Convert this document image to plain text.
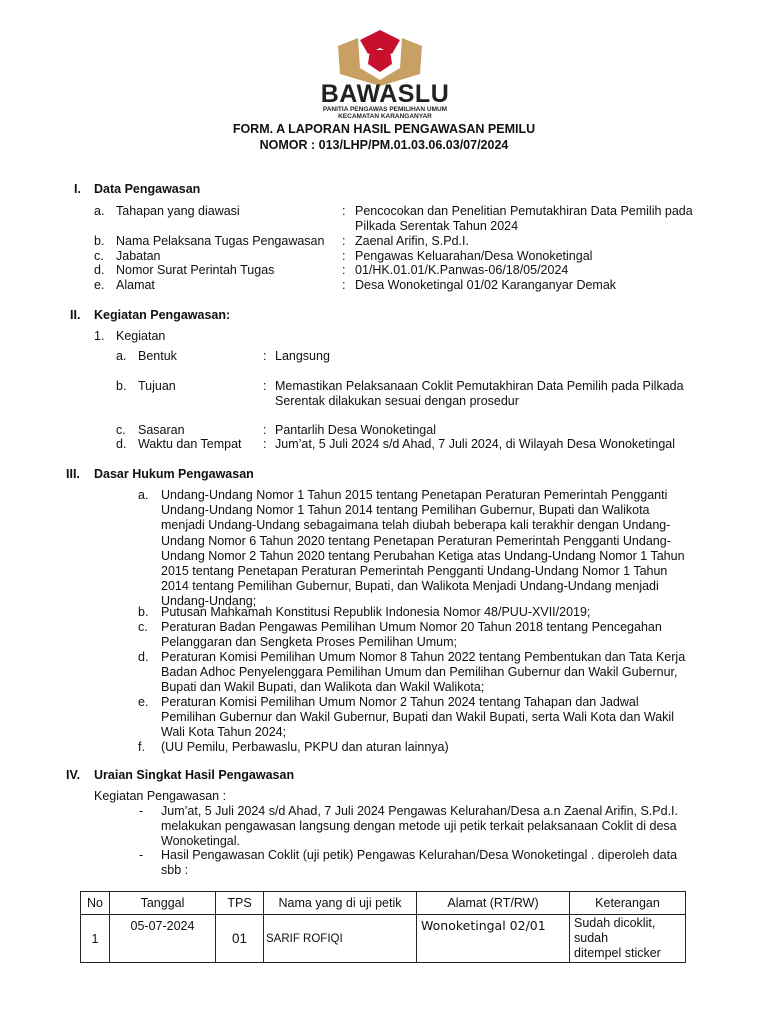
BAWASLU
PANITIA PENGAWAS PEMILIHAN UMUM
KECAMATAN KARANGANYAR
FORM. A LAPORAN HASIL PENGAWASAN PEMILU
NOMOR : 013/LHP/PM.01.03.06.03/07/2024
I. Data Pengawasan
a. Tahapan yang diawasi	: Pencocokan dan Penelitian Pemutakhiran Data Pemilih pada
Pilkada Serentak Tahun 2024
b. Nama Pelaksana Tugas Pengawasan : Zaenal Arifin, S.Pd.I.
c. Jabatan	: Pengawas Keluarahan/Desa Wonoketingal
d. Nomor Surat Perintah Tugas	: 01/HK.01.01/K.Panwas-06/18/05/2024
e. Alamat	: Desa Wonoketingal 01/02 Karanganyar Demak
II. Kegiatan Pengawasan:
1. Kegiatan
a. Bentuk	: Langsung
b. Tujuan	: Memastikan Pelaksanaan Coklit Pemutakhiran Data Pemilih pada Pilkada
Serentak dilakukan sesuai dengan prosedur
c. Sasaran	: Pantarlih Desa Wonoketingal
d. Waktu dan Tempat : Jum’at, 5 Juli 2024 s/d Ahad, 7 Juli 2024, di Wilayah Desa Wonoketingal
III. Dasar Hukum Pengawasan
a. Undang-Undang Nomor 1 Tahun 2015 tentang Penetapan Peraturan Pemerintah Pengganti
Undang-Undang Nomor 1 Tahun 2014 tentang Pemilihan Gubernur, Bupati dan Walikota
menjadi Undang-Undang sebagaimana telah diubah beberapa kali terakhir dengan Undang-
Undang Nomor 6 Tahun 2020 tentang Penetapan Peraturan Pemerintah Pengganti Undang-
Undang Nomor 2 Tahun 2020 tentang Perubahan Ketiga atas Undang-Undang Nomor 1 Tahun
2015 tentang Penetapan Peraturan Pemerintah Pengganti Undang-Undang Nomor 1 Tahun
2014 tentang Pemilihan Gubernur, Bupati, dan Walikota Menjadi Undang-Undang menjadi
Undang-Undang;
b. Putusan Mahkamah Konstitusi Republik Indonesia Nomor 48/PUU-XVII/2019;
c. Peraturan Badan Pengawas Pemilihan Umum Nomor 20 Tahun 2018 tentang Pencegahan
Pelanggaran dan Sengketa Proses Pemilihan Umum;
d. Peraturan Komisi Pemilihan Umum Nomor 8 Tahun 2022 tentang Pembentukan dan Tata Kerja
Badan Adhoc Penyelenggara Pemilihan Umum dan Pemilihan Gubernur dan Wakil Gubernur,
Bupati dan Wakil Bupati, dan Walikota dan Wakil Walikota;
e. Peraturan Komisi Pemilihan Umum Nomor 2 Tahun 2024 tentang Tahapan dan Jadwal
Pemilihan Gubernur dan Wakil Gubernur, Bupati dan Wakil Bupati, serta Wali Kota dan Wakil
Wali Kota Tahun 2024;
f. (UU Pemilu, Perbawaslu, PKPU dan aturan lainnya)
IV. Uraian Singkat Hasil Pengawasan
Kegiatan Pengawasan :
- Jum’at, 5 Juli 2024 s/d Ahad, 7 Juli 2024 Pengawas Kelurahan/Desa a.n Zaenal Arifin, S.Pd.I.
melakukan pengawasan langsung dengan metode uji petik terkait pelaksanaan Coklit di desa
Wonoketingal.
- Hasil Pengawasan Coklit (uji petik) Pengawas Kelurahan/Desa Wonoketingal . diperoleh data
sbb :
No	Tanggal	TPS	Nama yang di uji petik	Alamat (RT/RW)	Keterangan
1	05-07-2024	01	SARIF ROFIQI	Wonoketingal 02/01	Sudah dicoklit, sudah
ditempel sticker
